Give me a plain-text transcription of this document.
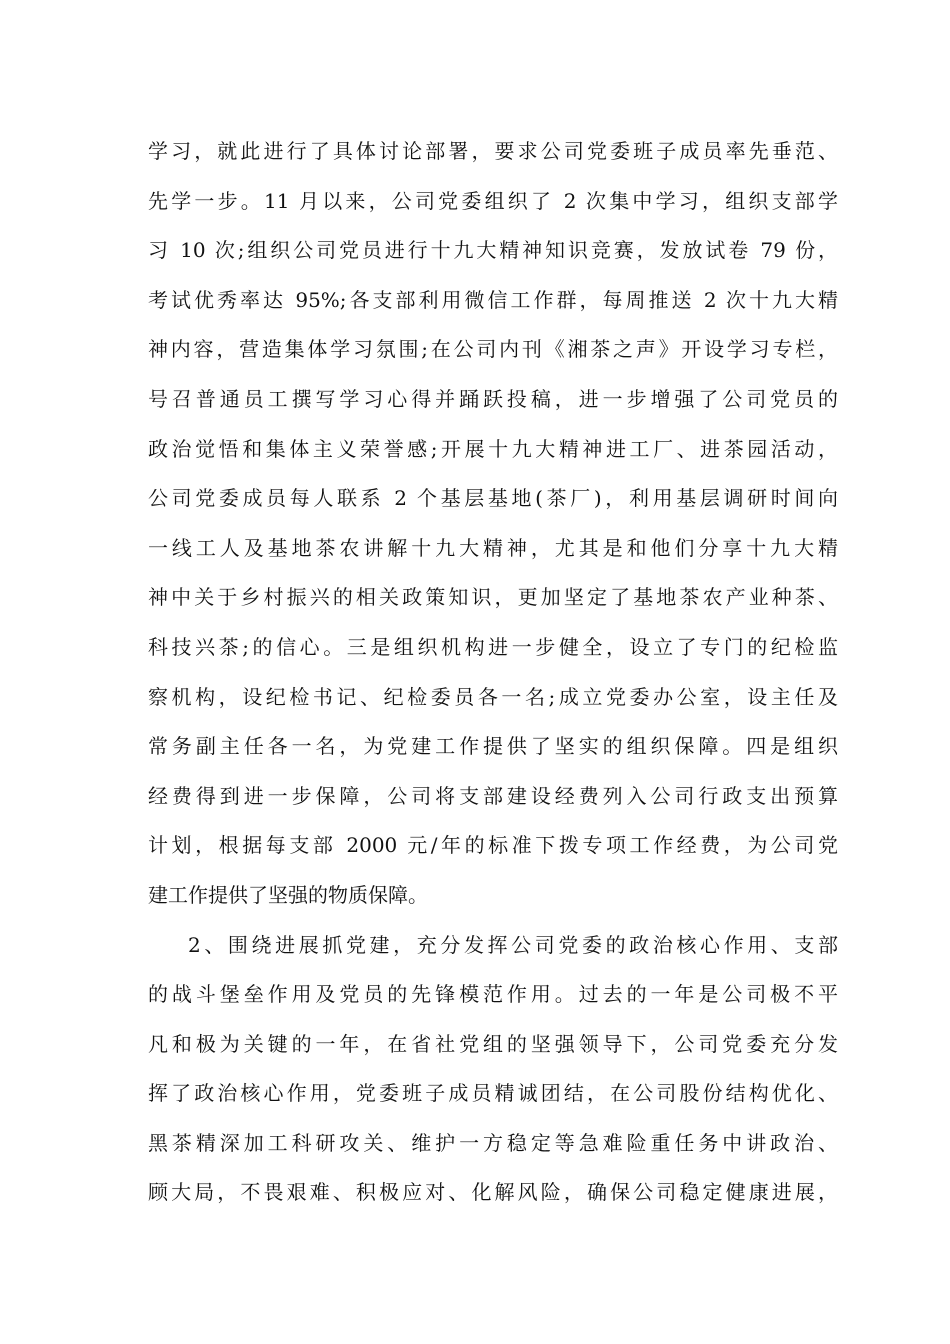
学习，就此进行了具体讨论部署，要求公司党委班子成员率先垂范、
先学一步。11 月以来，公司党委组织了 2 次集中学习，组织支部学
习 10 次;组织公司党员进行十九大精神知识竞赛，发放试卷 79 份，
考试优秀率达 95%;各支部利用微信工作群，每周推送 2 次十九大精
神内容，营造集体学习氛围;在公司内刊《湘茶之声》开设学习专栏，
号召普通员工撰写学习心得并踊跃投稿，进一步增强了公司党员的
政治觉悟和集体主义荣誉感;开展十九大精神进工厂、进茶园活动，
公司党委成员每人联系 2 个基层基地(茶厂)，利用基层调研时间向
一线工人及基地茶农讲解十九大精神，尤其是和他们分享十九大精
神中关于乡村振兴的相关政策知识，更加坚定了基地茶农产业种茶、
科技兴茶;的信心。三是组织机构进一步健全，设立了专门的纪检监
察机构，设纪检书记、纪检委员各一名;成立党委办公室，设主任及
常务副主任各一名，为党建工作提供了坚实的组织保障。四是组织
经费得到进一步保障，公司将支部建设经费列入公司行政支出预算
计划，根据每支部 2000 元/年的标准下拨专项工作经费，为公司党
建工作提供了坚强的物质保障。
2、围绕进展抓党建，充分发挥公司党委的政治核心作用、支部
的战斗堡垒作用及党员的先锋模范作用。过去的一年是公司极不平
凡和极为关键的一年，在省社党组的坚强领导下，公司党委充分发
挥了政治核心作用，党委班子成员精诚团结，在公司股份结构优化、
黑茶精深加工科研攻关、维护一方稳定等急难险重任务中讲政治、
顾大局，不畏艰难、积极应对、化解风险，确保公司稳定健康进展，
